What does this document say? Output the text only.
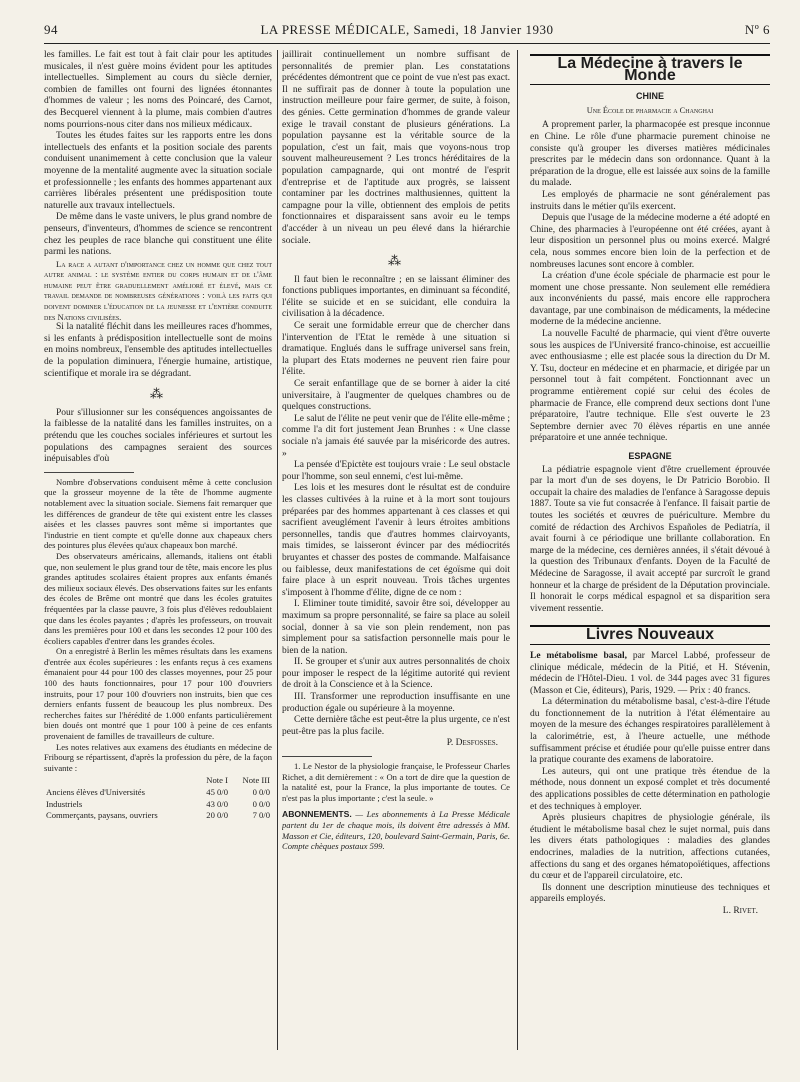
94	LA PRESSE MÉDICALE, Samedi, 18 Janvier 1930	Nº 6

les familles. Le fait est tout à fait clair pour les aptitudes musicales, il n'est guère moins évident pour les aptitudes intellectuelles. Simplement au cours du siècle dernier, combien de familles ont fourni des lignées étonnantes d'hommes de valeur ; les noms des Poincaré, des Carnot, des Becquerel viennent à la plume, mais combien d'autres noms pourrions-nous citer dans nos milieux médicaux.

Toutes les études faites sur les rapports entre les dons intellectuels des enfants et la position sociale des parents conduisent unanimement à cette conclusion que la valeur moyenne de la mentalité augmente avec la situation sociale et professionnelle ; les enfants des hommes appartenant aux carrières libérales présentent une prédisposition toute naturelle aux travaux intellectuels.

De même dans le vaste univers, le plus grand nombre de penseurs, d'inventeurs, d'hommes de science se rencontrent chez les peuples de race blanche qui constituent une élite parmi les nations.

La race a autant d'importance chez un homme que chez tout autre animal : le système entier du corps humain et de l'âme humaine peut être graduellement amélioré et élevé, mais ce travail demande de nombreuses générations : voilà les faits qui doivent dominer l'éducation de la jeunesse et l'entière conduite des Nations civilisées.

Si la natalité fléchit dans les meilleures races d'hommes, si les enfants à prédisposition intellectuelle sont de moins en moins nombreux, l'ensemble des aptitudes intellectuelles de la population diminuera, l'énergie humaine, artistique, scientifique et morale ira se dégradant.

⁂

Pour s'illusionner sur les conséquences angoissantes de la faiblesse de la natalité dans les familles instruites, on a prétendu que les couches sociales inférieures et surtout les populations des campagnes seraient des sources inépuisables d'où

Nombre d'observations conduisent même à cette conclusion que la grosseur moyenne de la tête de l'homme augmente notablement avec la situation sociale. Siemens fait remarquer que les différences de grandeur de tête qui existent entre les classes aisées et les classes pauvres sont même si importantes que l'industrie en tient compte et qu'elle donne aux chapeaux chers des pointures plus élevées qu'aux chapeaux bon marché.

Des observateurs américains, allemands, italiens ont établi que, non seulement le plus grand tour de tête, mais encore les plus grandes aptitudes scolaires étaient propres aux enfants émanés des milieux sociaux élevés. Des observations faites sur les enfants des écoles de Brême ont montré que dans les écoles gratuites fréquentées par la classe pauvre, 3 fois plus d'élèves redoublaient que dans les écoles payantes ; d'après les professeurs, on trouvait dans les premières pour 100 et dans les secondes 12 pour 100 des écoliers capables d'entrer dans les grandes écoles.

On a enregistré à Berlin les mêmes résultats dans les examens d'entrée aux écoles supérieures : les enfants reçus à ces examens émanaient pour 44 pour 100 des classes moyennes, pour 25 pour 100 des hauts fonctionnaires, pour 17 pour 100 d'ouvriers instruits, pour 17 pour 100 d'ouvriers non instruits, bien que ces derniers enfants fussent de beaucoup les plus nombreux. Des recherches faites sur l'hérédité de 1.000 enfants particulièrement bien doués ont montré que 1 pour 100 à peine de ces enfants provenaient de familles de travailleurs de culture.

Les notes relatives aux examens des étudiants en médecine de Fribourg se répartissent, d'après la profession du père, de la façon suivante :

	Note I	Note III
Anciens élèves d'Universités	45 0/0	0 0/0
Industriels	43 0/0	0 0/0
Commerçants, paysans, ouvriers	20 0/0	7 0/0

jaillirait continuellement un nombre suffisant de personnalités de premier plan. Les constatations précédentes démontrent que ce point de vue n'est pas exact. Il ne suffirait pas de donner à toute la population une instruction meilleure pour faire germer, de suite, à foison, des génies. Cette germination d'hommes de grande valeur exige le travail constant de plusieurs générations. La population paysanne est la véritable source de la population, c'est un fait, mais que voyons-nous trop souvent malheureusement ? Les troncs héréditaires de la population campagnarde, qui ont montré de l'esprit d'entreprise et de l'aptitude aux progrès, se laissent contaminer par les doctrines malthusiennes, quittent la campagne pour la ville, obtiennent des emplois de petits fonctionnaires et disparaissent sans avoir eu le temps d'accéder à un niveau un peu élevé dans la hiérarchie sociale.

⁂

Il faut bien le reconnaître ; en se laissant éliminer des fonctions publiques importantes, en diminuant sa fécondité, l'élite se suicide et en se suicidant, elle conduira la civilisation à la décadence.

Ce serait une formidable erreur que de chercher dans l'intervention de l'Etat le remède à une situation si dramatique. Englués dans le suffrage universel sans frein, la plupart des Etats modernes ne peuvent rien faire pour l'élite.

Ce serait enfantillage que de se borner à aider la cité universitaire, à l'augmenter de quelques chambres ou de quelques constructions.

Le salut de l'élite ne peut venir que de l'élite elle-même ; comme l'a dit fort justement Jean Brunhes : « Une classe sociale n'a jamais été sauvée par la miséricorde des autres. »

La pensée d'Epictète est toujours vraie : Le seul obstacle pour l'homme, son seul ennemi, c'est lui-même.

Les lois et les mesures dont le résultat est de conduire les classes cultivées à la ruine et à la mort sont toujours préparées par des hommes appartenant à ces classes et qui sacrifient aveuglément l'avenir à leurs étroites ambitions personnelles, tandis que d'autres hommes clairvoyants, mais timides, se laisseront évincer par des médiocrités bruyantes et chasser des postes de commande. Malfaisance ou faiblesse, deux manifestations de cet égoïsme qui doit faire place à un esprit nouveau. Trois tâches urgentes s'imposent à l'homme d'élite, digne de ce nom :

I. Eliminer toute timidité, savoir être soi, développer au maximum sa propre personnalité, se faire sa place au soleil social, donner à sa vie son plein rendement, non pas simplement pour sa satisfaction personnelle mais pour le bien de la nation.

II. Se grouper et s'unir aux autres personnalités de choix pour imposer le respect de la légitime autorité qui revient de droit à la Conscience et à la Science.

III. Transformer une reproduction insuffisante en une production égale ou supérieure à la moyenne.

Cette dernière tâche est peut-être la plus urgente, ce n'est peut-être pas la plus facile.

P. Desfosses.

1. Le Nestor de la physiologie française, le Professeur Charles Richet, a dit dernièrement : « On a tort de dire que la question de la natalité est, pour la France, la plus importante de toutes. Ce n'est pas la plus importante ; c'est la seule. »

ABONNEMENTS. — Les abonnements à La Presse Médicale partent du 1er de chaque mois, ils doivent être adressés à MM. Masson et Cie, éditeurs, 120, boulevard Saint-Germain, Paris, 6e. Compte chèques postaux 599.
La Médecine à travers le Monde
CHINE
Une École de pharmacie a Changhai

A proprement parler, la pharmacopée est presque inconnue en Chine. Le rôle d'une pharmacie purement chinoise ne consiste qu'à grouper les diverses matières médicinales prescrites par le médecin dans son ordonnance. Quant à la préparation de la drogue, elle est laissée aux soins de la famille du malade.

Les employés de pharmacie ne sont généralement pas instruits dans le métier qu'ils exercent.

Depuis que l'usage de la médecine moderne a été adopté en Chine, des pharmacies à l'européenne ont été créées, ayant à leur disposition un personnel plus ou moins exercé. Malgré cela, nous sommes encore bien loin de la perfection et de nombreuses lacunes sont encore à combler.

La création d'une école spéciale de pharmacie est pour le moment une chose pressante. Non seulement elle remédiera aux inconvénients du passé, mais encore elle rapprochera davantage, par une combinaison de médicaments, la médecine moderne de la médecine ancienne.

La nouvelle Faculté de pharmacie, qui vient d'être ouverte sous les auspices de l'Université franco-chinoise, est accueillie avec enthousiasme ; elle est placée sous la direction du Dr M. Y. Tsu, docteur en médecine et en pharmacie, et dirigée par un personnel tout à fait compétent. Fonctionnant avec un programme entièrement copié sur celui des écoles de pharmacie de France, elle comprend deux sections dont l'une préparatoire, l'autre technique. Elle s'est ouverte le 23 Septembre dernier avec 70 élèves répartis en une année préparatoire et une année technique.

ESPAGNE

La pédiatrie espagnole vient d'être cruellement éprouvée par la mort d'un de ses doyens, le Dr Patricio Borobio. Il occupait la chaire des maladies de l'enfance à Saragosse depuis 1887. Toute sa vie fut consacrée à l'enfance. Il faisait partie de toutes les sociétés et œuvres de puériculture. Membre du comité de rédaction des Archivos Españoles de Pediatría, il avait fourni à ce périodique une brillante collaboration. En marge de la médecine, ces dernières années, il s'était dévoué à la question des Tribunaux d'enfants. Doyen de la Faculté de Médecine de Saragosse, il avait accepté par surcroît le grand honneur et la charge de président de la Députation provinciale. Il honorait le corps médical espagnol et sa disparition sera vivement ressentie.

Livres Nouveaux

Le métabolisme basal, par Marcel Labbé, professeur de clinique médicale, médecin de la Pitié, et H. Stévenin, médecin de l'Hôtel-Dieu. 1 vol. de 344 pages avec 31 figures (Masson et Cie, éditeurs), Paris, 1929. — Prix : 40 francs.

La détermination du métabolisme basal, c'est-à-dire l'étude du fonctionnement de la nutrition à l'état élémentaire au moyen de la mesure des échanges respiratoires parallèlement à la calorimétrie, est, à l'heure actuelle, une méthode suffisamment précise et étudiée pour qu'elle puisse entrer dans la pratique courante des examens de laboratoire.

Les auteurs, qui ont une pratique très étendue de la méthode, nous donnent un exposé complet et très documenté des applications possibles de cette détermination en pathologie et des techniques à employer.

Après plusieurs chapitres de physiologie générale, ils étudient le métabolisme basal chez le sujet normal, puis dans les divers états pathologiques : maladies des glandes endocrines, maladies de la nutrition, affections cutanées, affections du sang et des organes hématopoïétiques, affections du cœur et de l'appareil circulatoire, etc.

Ils donnent une description minutieuse des techniques et appareils employés.

L. Rivet.
